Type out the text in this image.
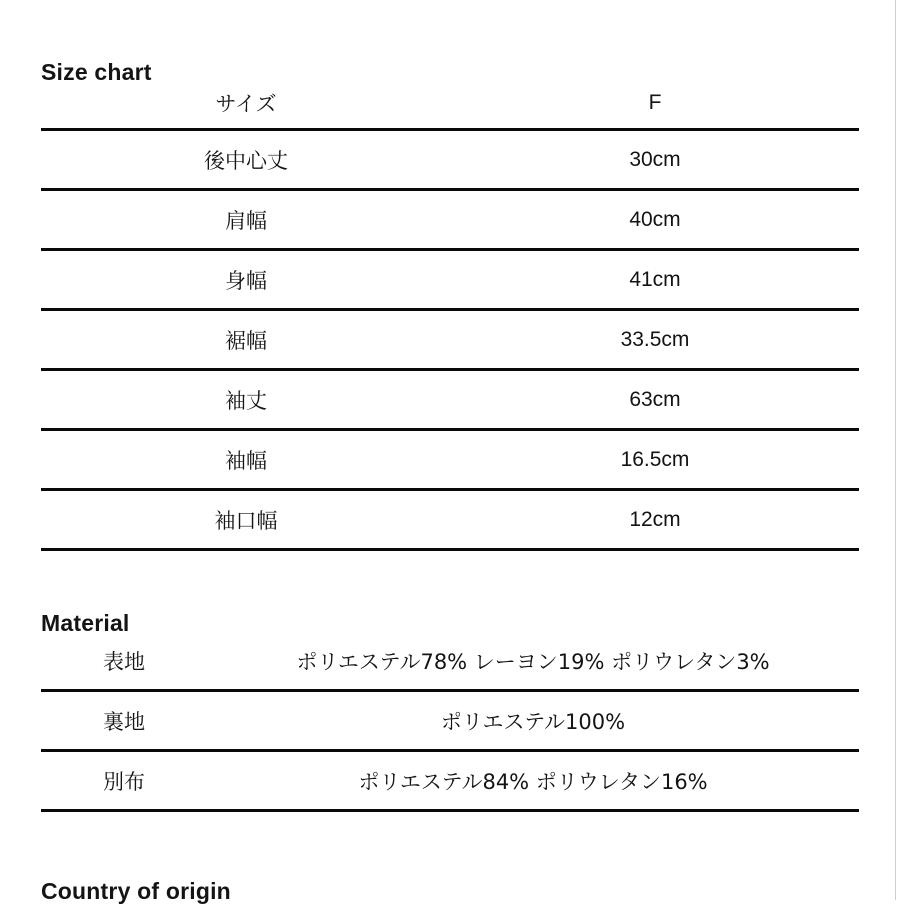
Size chart
サイズ	F
後中心丈	30cm
肩幅	40cm
身幅	41cm
裾幅	33.5cm
袖丈	63cm
袖幅	16.5cm
袖口幅	12cm
Material
表地	ポリエステル78% レーヨン19% ポリウレタン3%
裏地	ポリエステル100%
別布	ポリエステル84% ポリウレタン16%
Country of origin
